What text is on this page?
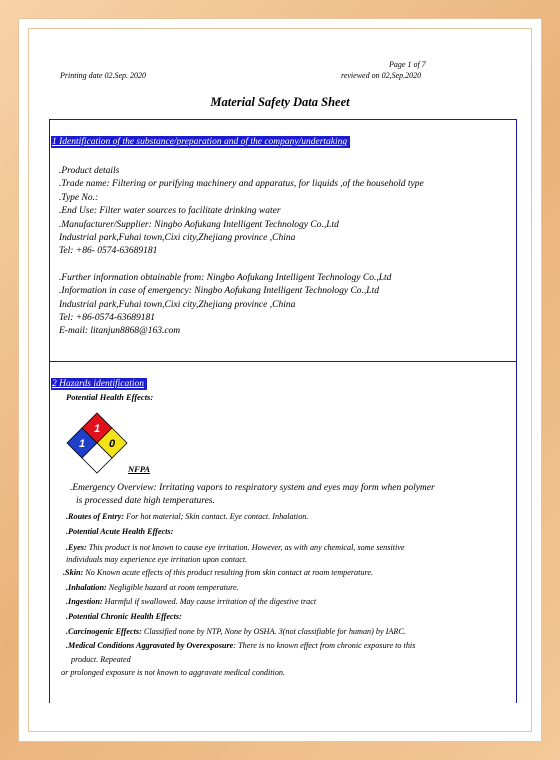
Page 1 of 7
Printing date 02.Sep. 2020	reviewed on 02,Sep.2020
Material Safety Data Sheet
1 Identification of the substance/preparation and of the company/undertaking
.Product details
.Trade name: Filtering or purifying machinery and apparatus, for liquids ,of the household type
.Type No.:
.End Use: Filter water sources to facilitate drinking water
.Manufacturer/Supplier: Ningbo Aofukang Intelligent Technology Co.,Ltd
Industrial park,Fuhai town,Cixi city,Zhejiang province ,China
Tel: +86- 0574-63689181
.Further information obtainable from: Ningbo Aofukang Intelligent Technology Co.,Ltd
.Information in case of emergency: Ningbo Aofukang Intelligent Technology Co.,Ltd
Industrial park,Fuhai town,Cixi city,Zhejiang province ,China
Tel: +86-0574-63689181
E-mail: litanjun8868@163.com
2 Hazards identification
Potential Health Effects:
1
1 0
NFPA
.Emergency Overview: Irritating vapors to respiratory system and eyes may form when polymer
is processed date high temperatures.
.Routes of Entry: For hot material; Skin contact. Eye contact. Inhalation.
.Potential Acute Health Effects:
.Eyes: This product is not known to cause eye irritation. However, as with any chemical, some sensitive
individuals may experience eye irritation upon contact.
.Skin: No Known acute effects of this product resulting from skin contact at room temperature.
.Inhalation: Negligible hazard at room temperature.
.Ingestion: Harmful if swallowed. May cause irritation of the digestive tract
.Potential Chronic Health Effects:
.Carcinogenic Effects: Classified none by NTP, None by OSHA. 3(not classifiable for human) by IARC.
.Medical Conditions Aggravated by Overexposure: There is no known effect from chronic exposure to this
product. Repeated
or prolonged exposure is not known to aggravate medical condition.
